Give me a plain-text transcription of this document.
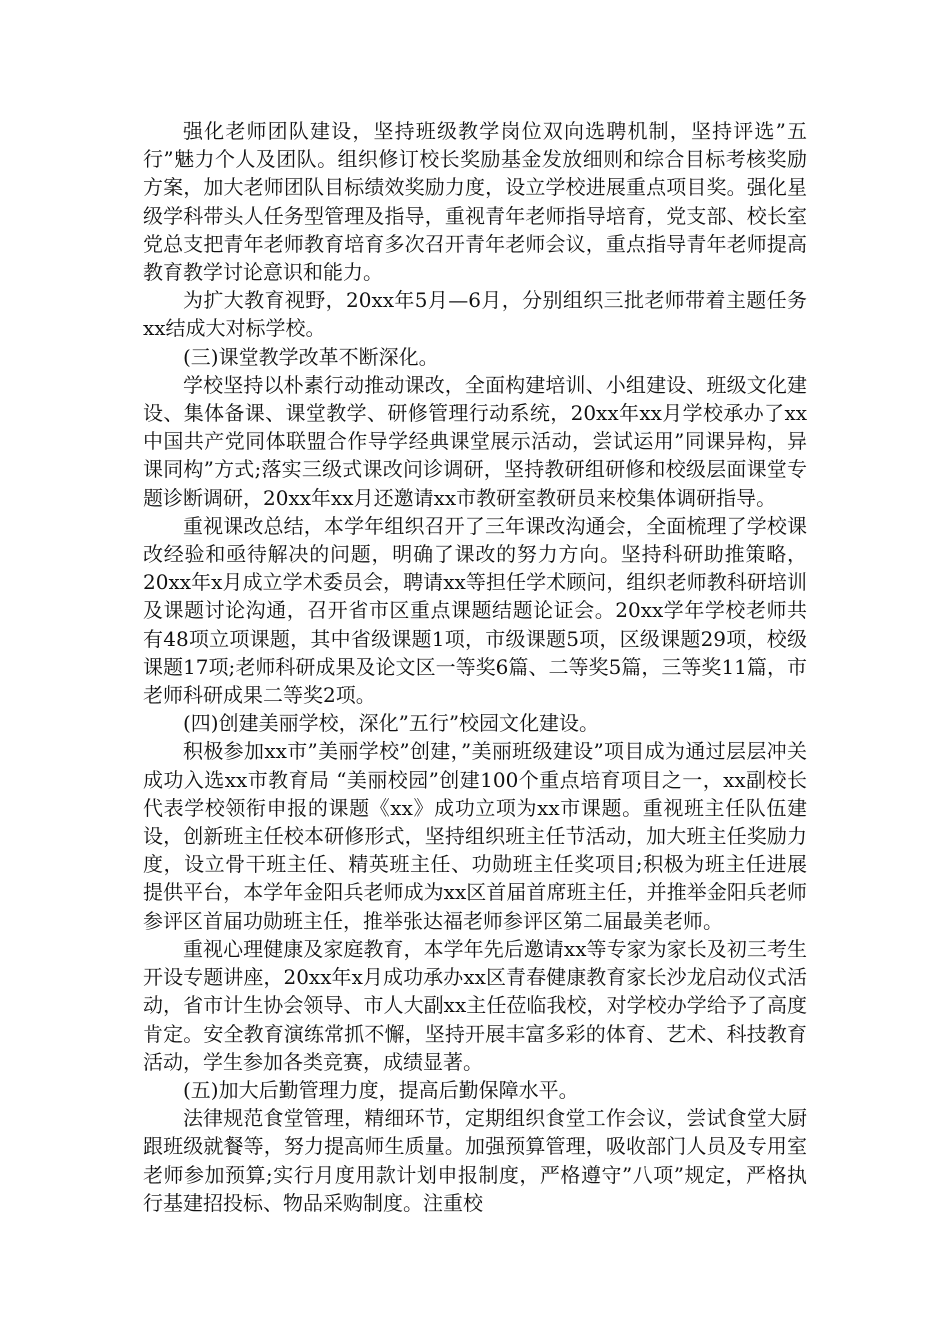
强化老师团队建设，坚持班级教学岗位双向选聘机制，坚持评选”五行”魅力个人及团队。组织修订校长奖励基金发放细则和综合目标考核奖励方案，加大老师团队目标绩效奖励力度，设立学校进展重点项目奖。强化星级学科带头人任务型管理及指导，重视青年老师指导培育，党支部、校长室党总支把青年老师教育培育多次召开青年老师会议，重点指导青年老师提高教育教学讨论意识和能力。

为扩大教育视野，20xx年5月—6月，分别组织三批老师带着主题任务xx结成大对标学校。

(三)课堂教学改革不断深化。

学校坚持以朴素行动推动课改，全面构建培训、小组建设、班级文化建设、集体备课、课堂教学、研修管理行动系统，20xx年xx月学校承办了xx中国共产党同体联盟合作导学经典课堂展示活动，尝试运用”同课异构，异课同构”方式;落实三级式课改问诊调研，坚持教研组研修和校级层面课堂专题诊断调研，20xx年xx月还邀请xx市教研室教研员来校集体调研指导。

重视课改总结，本学年组织召开了三年课改沟通会，全面梳理了学校课改经验和亟待解决的问题，明确了课改的努力方向。坚持科研助推策略，20xx年x月成立学术委员会，聘请xx等担任学术顾问，组织老师教科研培训及课题讨论沟通，召开省市区重点课题结题论证会。20xx学年学校老师共有48项立项课题，其中省级课题1项，市级课题5项，区级课题29项，校级课题17项;老师科研成果及论文区一等奖6篇、二等奖5篇，三等奖11篇，市老师科研成果二等奖2项。

(四)创建美丽学校，深化”五行”校园文化建设。

积极参加xx市”美丽学校”创建，”美丽班级建设”项目成为通过层层冲关成功入选xx市教育局 “美丽校园”创建100个重点培育项目之一，xx副校长代表学校领衔申报的课题《xx》成功立项为xx市课题。重视班主任队伍建设，创新班主任校本研修形式，坚持组织班主任节活动，加大班主任奖励力度，设立骨干班主任、精英班主任、功勋班主任奖项目;积极为班主任进展提供平台，本学年金阳兵老师成为xx区首届首席班主任，并推举金阳兵老师参评区首届功勋班主任，推举张达福老师参评区第二届最美老师。

重视心理健康及家庭教育，本学年先后邀请xx等专家为家长及初三考生开设专题讲座，20xx年x月成功承办xx区青春健康教育家长沙龙启动仪式活动，省市计生协会领导、市人大副xx主任莅临我校，对学校办学给予了高度肯定。安全教育演练常抓不懈，坚持开展丰富多彩的体育、艺术、科技教育活动，学生参加各类竞赛，成绩显著。

(五)加大后勤管理力度，提高后勤保障水平。

法律规范食堂管理，精细环节，定期组织食堂工作会议，尝试食堂大厨跟班级就餐等，努力提高师生质量。加强预算管理，吸收部门人员及专用室老师参加预算;实行月度用款计划申报制度，严格遵守”八项”规定，严格执行基建招投标、物品采购制度。注重校
